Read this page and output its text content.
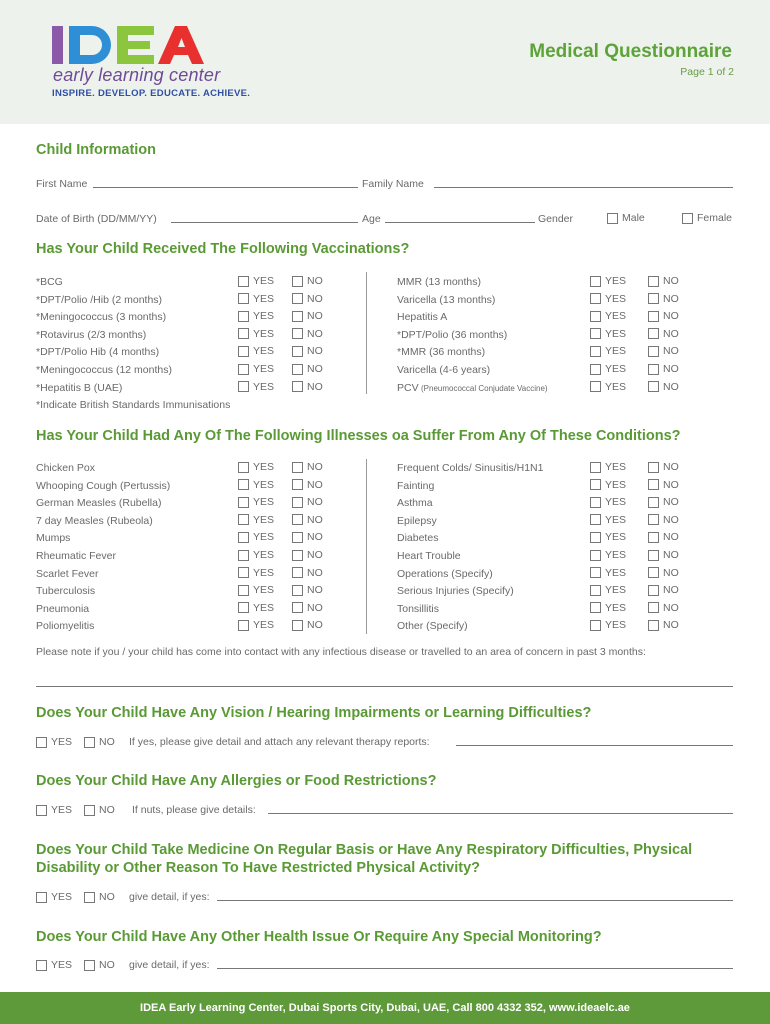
early learning center
INSPIRE. DEVELOP. EDUCATE. ACHIEVE.
Medical Questionnaire
Page 1 of 2
Child Information
First Name	Family Name
Date of Birth (DD/MM/YY)	Age	Gender	Male	Female
Has Your Child Received The Following Vaccinations?
*BCG	YES	NO
*DPT/Polio /Hib (2 months)	YES	NO
*Meningococcus (3 months)	YES	NO
*Rotavirus (2/3 months)	YES	NO
*DPT/Polio Hib (4 months)	YES	NO
*Meningococcus (12 months)	YES	NO
*Hepatitis B (UAE)	YES	NO
MMR (13 months)	YES	NO
Varicella (13 months)	YES	NO
Hepatitis A	YES	NO
*DPT/Polio (36 months)	YES	NO
*MMR (36 months)	YES	NO
Varicella (4-6 years)	YES	NO
PCV (Pneumococcal Conjudate Vaccine)	YES	NO
*Indicate British Standards Immunisations
Has Your Child Had Any Of The Following Illnesses oa Suffer From Any Of These Conditions?
Chicken Pox	YES	NO
Whooping Cough (Pertussis)	YES	NO
German Measles (Rubella)	YES	NO
7 day Measles (Rubeola)	YES	NO
Mumps	YES	NO
Rheumatic Fever	YES	NO
Scarlet Fever	YES	NO
Tuberculosis	YES	NO
Pneumonia	YES	NO
Poliomyelitis	YES	NO
Frequent Colds/ Sinusitis/H1N1	YES	NO
Fainting	YES	NO
Asthma	YES	NO
Epilepsy	YES	NO
Diabetes	YES	NO
Heart Trouble	YES	NO
Operations (Specify)	YES	NO
Serious Injuries (Specify)	YES	NO
Tonsillitis	YES	NO
Other (Specify)	YES	NO
Please note if you / your child has come into contact with any infectious disease or travelled to an area of concern in past 3 months:
Does Your Child Have Any Vision / Hearing Impairments or Learning Difficulties?
YES	NO If yes, please give detail and attach any relevant therapy reports:
Does Your Child Have Any Allergies or Food Restrictions?
YES	NO If nuts, please give details:
Does Your Child Take Medicine On Regular Basis or Have Any Respiratory Difficulties, Physical
Disability or Other Reason To Have Restricted Physical Activity?
YES	NO give detail, if yes:
Does Your Child Have Any Other Health Issue Or Require Any Special Monitoring?
YES	NO give detail, if yes:
IDEA Early Learning Center, Dubai Sports City, Dubai, UAE, Call 800 4332 352, www.ideaelc.ae
